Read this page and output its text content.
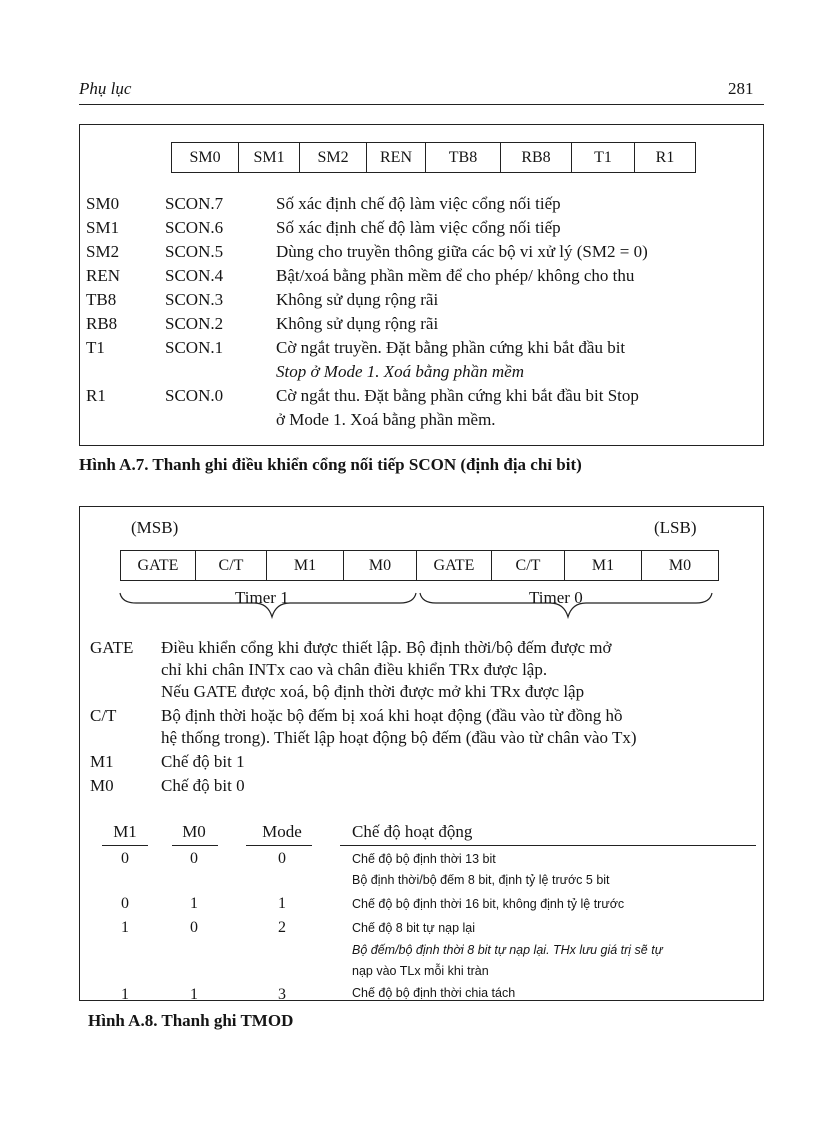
Phụ lục	281
SM0	SM1	SM2	REN	TB8	RB8	T1	R1
SM0	SCON.7	Số xác định chế độ làm việc cổng nối tiếp
SM1	SCON.6	Số xác định chế độ làm việc cổng nối tiếp
SM2	SCON.5	Dùng cho truyền thông giữa các bộ vi xử lý (SM2 = 0)
REN	SCON.4	Bật/xoá bằng phần mềm để cho phép/ không cho thu
TB8	SCON.3	Không sử dụng rộng rãi
RB8	SCON.2	Không sử dụng rộng rãi
T1	SCON.1	Cờ ngắt truyền. Đặt bằng phần cứng khi bắt đầu bit
Stop ở Mode 1. Xoá bằng phần mềm
R1	SCON.0	Cờ ngắt thu. Đặt bằng phần cứng khi bắt đầu bit Stop
ở Mode 1. Xoá bằng phần mềm.
Hình A.7. Thanh ghi điều khiển cổng nối tiếp SCON (định địa chỉ bit)
(MSB)	(LSB)
GATE	C/T	M1	M0	GATE	C/T	M1	M0
Timer 1	Timer 0
GATE Điều khiển cổng khi được thiết lập. Bộ định thời/bộ đếm được mở
chỉ khi chân INTx cao và chân điều khiển TRx được lập.
Nếu GATE được xoá, bộ định thời được mở khi TRx được lập
C/T	Bộ định thời hoặc bộ đếm bị xoá khi hoạt động (đầu vào từ đồng hồ
hệ thống trong). Thiết lập hoạt động bộ đếm (đầu vào từ chân vào Tx)
M1	Chế độ bit 1
M0	Chế độ bit 0
M1	M0	Mode	Chế độ hoạt động
0	0	0	Chế độ bộ định thời 13 bit
Bộ định thời/bộ đếm 8 bit, định tỷ lệ trước 5 bit
0	1	1	Chế độ bộ định thời 16 bit, không định tỷ lệ trước
1	0	2	Chế độ 8 bit tự nạp lại
Bộ đếm/bộ định thời 8 bit tự nạp lại. THx lưu giá trị sẽ tự
nạp vào TLx mỗi khi tràn
1	1	3	Chế độ bộ định thời chia tách
Hình A.8. Thanh ghi TMOD
